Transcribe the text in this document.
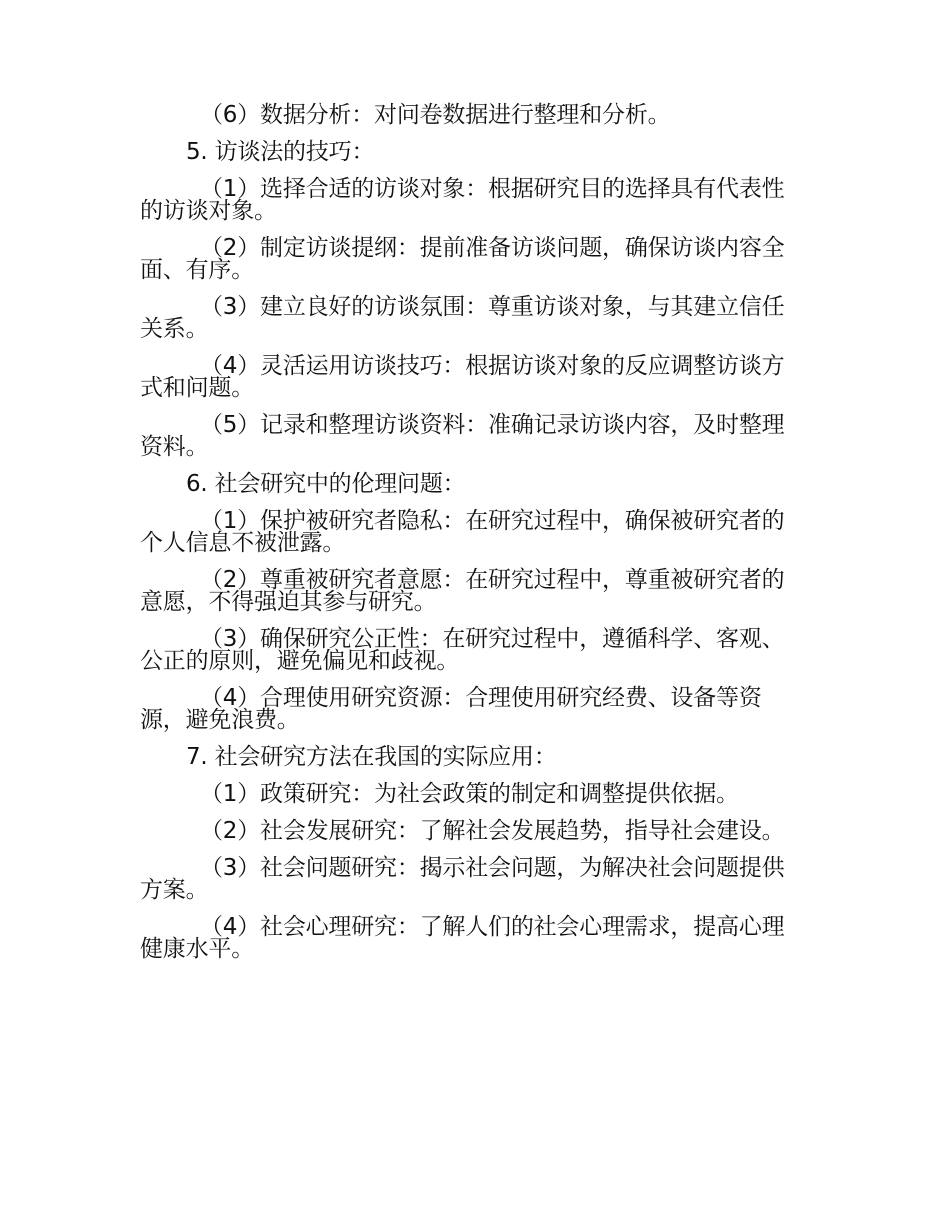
（6）数据分析：对问卷数据进行整理和分析。

5. 访谈法的技巧：

（1）选择合适的访谈对象：根据研究目的选择具有代表性的访谈对象。

（2）制定访谈提纲：提前准备访谈问题，确保访谈内容全面、有序。

（3）建立良好的访谈氛围：尊重访谈对象，与其建立信任关系。

（4）灵活运用访谈技巧：根据访谈对象的反应调整访谈方式和问题。

（5）记录和整理访谈资料：准确记录访谈内容，及时整理资料。

6. 社会研究中的伦理问题：

（1）保护被研究者隐私：在研究过程中，确保被研究者的个人信息不被泄露。

（2）尊重被研究者意愿：在研究过程中，尊重被研究者的意愿，不得强迫其参与研究。

（3）确保研究公正性：在研究过程中，遵循科学、客观、公正的原则，避免偏见和歧视。

（4）合理使用研究资源：合理使用研究经费、设备等资源，避免浪费。

7. 社会研究方法在我国的实际应用：

（1）政策研究：为社会政策的制定和调整提供依据。

（2）社会发展研究：了解社会发展趋势，指导社会建设。

（3）社会问题研究：揭示社会问题，为解决社会问题提供方案。

（4）社会心理研究：了解人们的社会心理需求，提高心理健康水平。
